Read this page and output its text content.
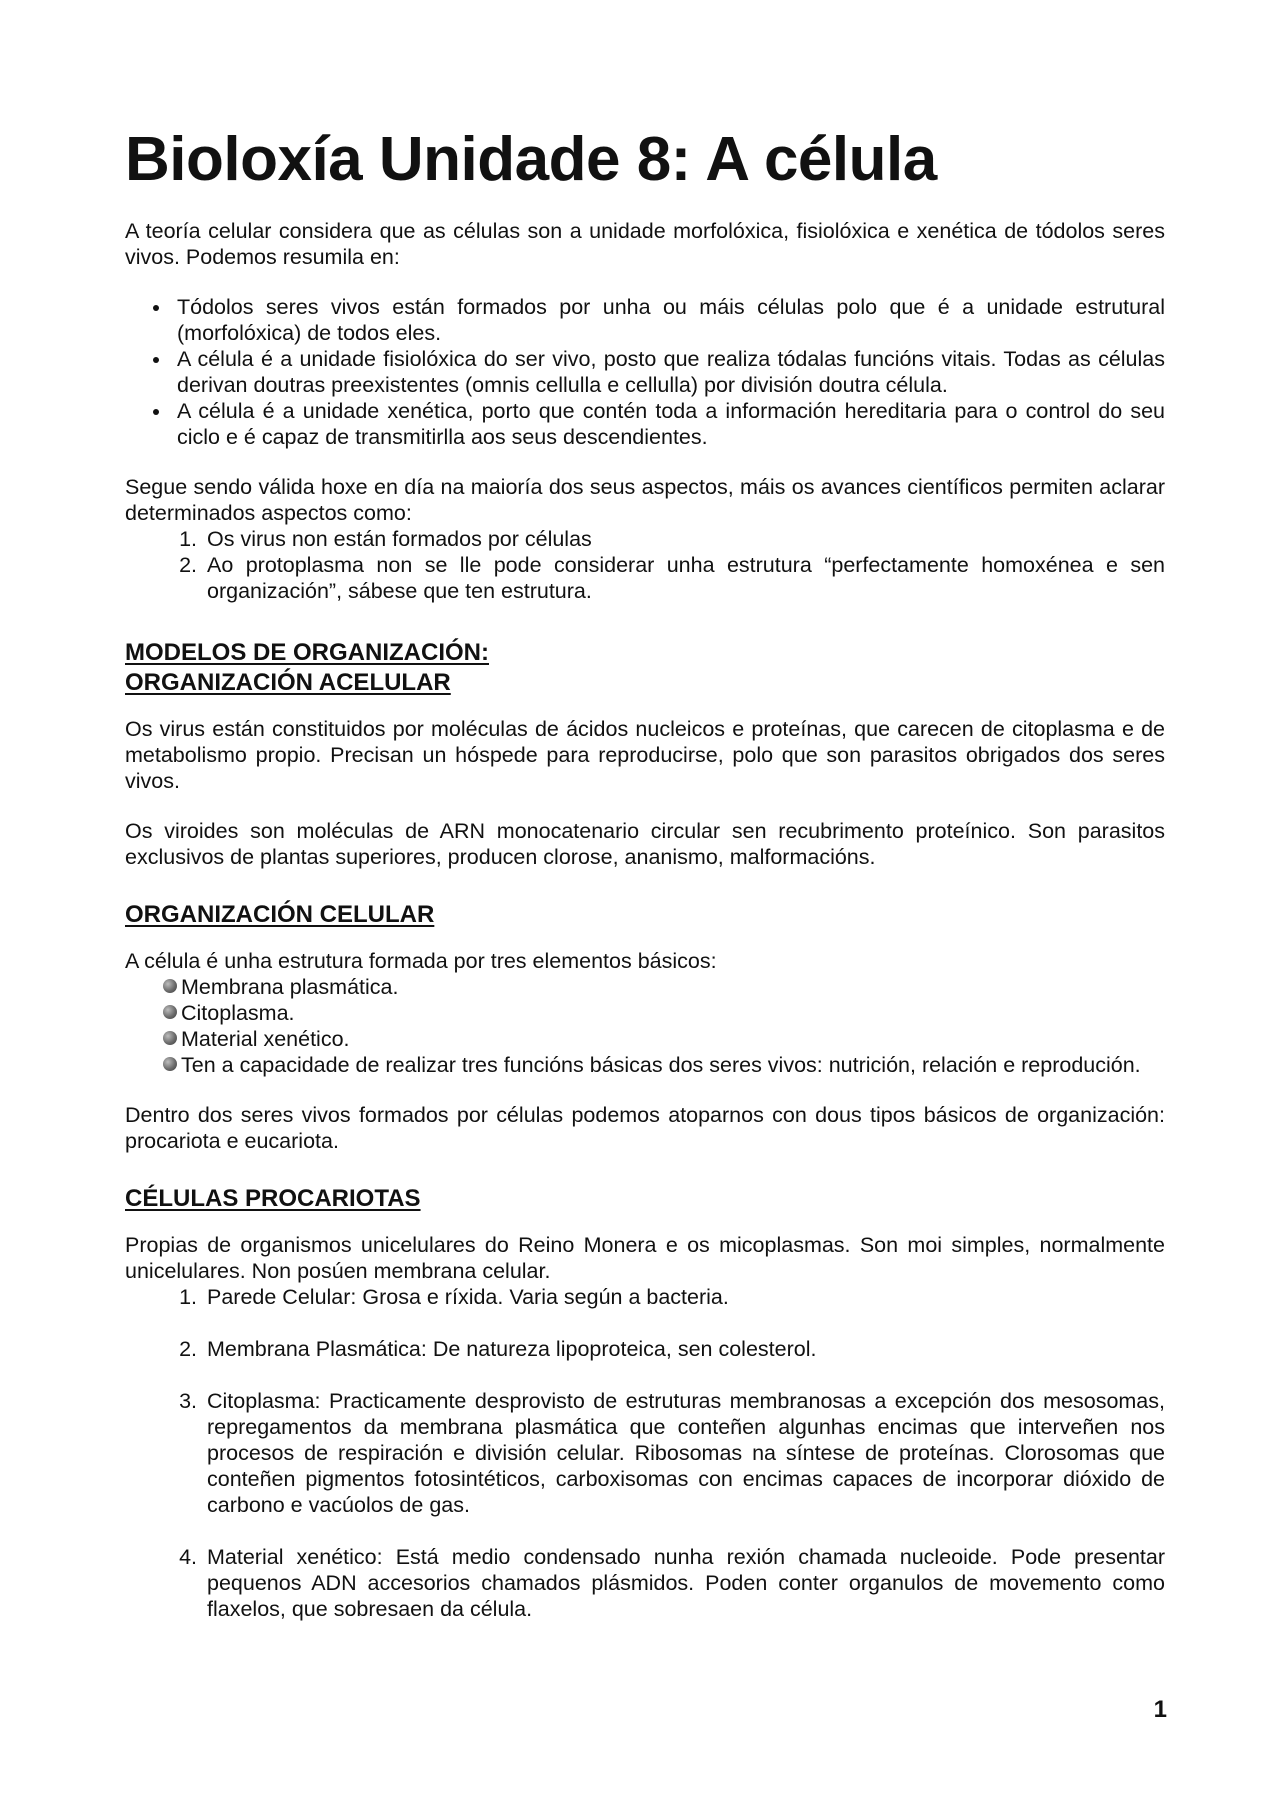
Bioloxía Unidade 8: A célula

A teoría celular considera que as células son a unidade morfolóxica, fisiolóxica e xenética de tódolos seres vivos. Podemos resumila en:

Tódolos seres vivos están formados por unha ou máis células polo que é a unidade estrutural (morfolóxica) de todos eles.
A célula é a unidade fisiolóxica do ser vivo, posto que realiza tódalas funcións vitais. Todas as células derivan doutras preexistentes (omnis cellulla e cellulla) por división doutra célula.
A célula é a unidade xenética, porto que contén toda a información hereditaria para o control do seu ciclo e é capaz de transmitirlla aos seus descendientes.

Segue sendo válida hoxe en día na maioría dos seus aspectos, máis os avances científicos permiten aclarar determinados aspectos como:

1. Os virus non están formados por células
2. Ao protoplasma non se lle pode considerar unha estrutura “perfectamente homoxénea e sen organización”, sábese que ten estrutura.
MODELOS DE ORGANIZACIÓN:
ORGANIZACIÓN ACELULAR

Os virus están constituidos por moléculas de ácidos nucleicos e proteínas, que carecen de citoplasma e de metabolismo propio. Precisan un hóspede para reproducirse, polo que son parasitos obrigados dos seres vivos.

Os viroides son moléculas de ARN monocatenario circular sen recubrimento proteínico. Son parasitos exclusivos de plantas superiores, producen clorose, ananismo, malformacións.

ORGANIZACIÓN CELULAR

A célula é unha estrutura formada por tres elementos básicos:

Membrana plasmática.
Citoplasma.
Material xenético.
Ten a capacidade de realizar tres funcións básicas dos seres vivos: nutrición, relación e reprodución.

Dentro dos seres vivos formados por células podemos atoparnos con dous tipos básicos de organización: procariota e eucariota.

CÉLULAS PROCARIOTAS

Propias de organismos unicelulares do Reino Monera e os micoplasmas. Son moi simples, normalmente unicelulares. Non posúen membrana celular.

1. Parede Celular: Grosa e ríxida. Varia según a bacteria.
2. Membrana Plasmática: De natureza lipoproteica, sen colesterol.
3. Citoplasma: Practicamente desprovisto de estruturas membranosas a excepción dos mesosomas, repregamentos da membrana plasmática que conteñen algunhas encimas que interveñen nos procesos de respiración e división celular. Ribosomas na síntese de proteínas. Clorosomas que conteñen pigmentos fotosintéticos, carboxisomas con encimas capaces de incorporar dióxido de carbono e vacúolos de gas.
4. Material xenético: Está medio condensado nunha rexión chamada nucleoide. Pode presentar pequenos ADN accesorios chamados plásmidos. Poden conter organulos de movemento como flaxelos, que sobresaen da célula.
1
